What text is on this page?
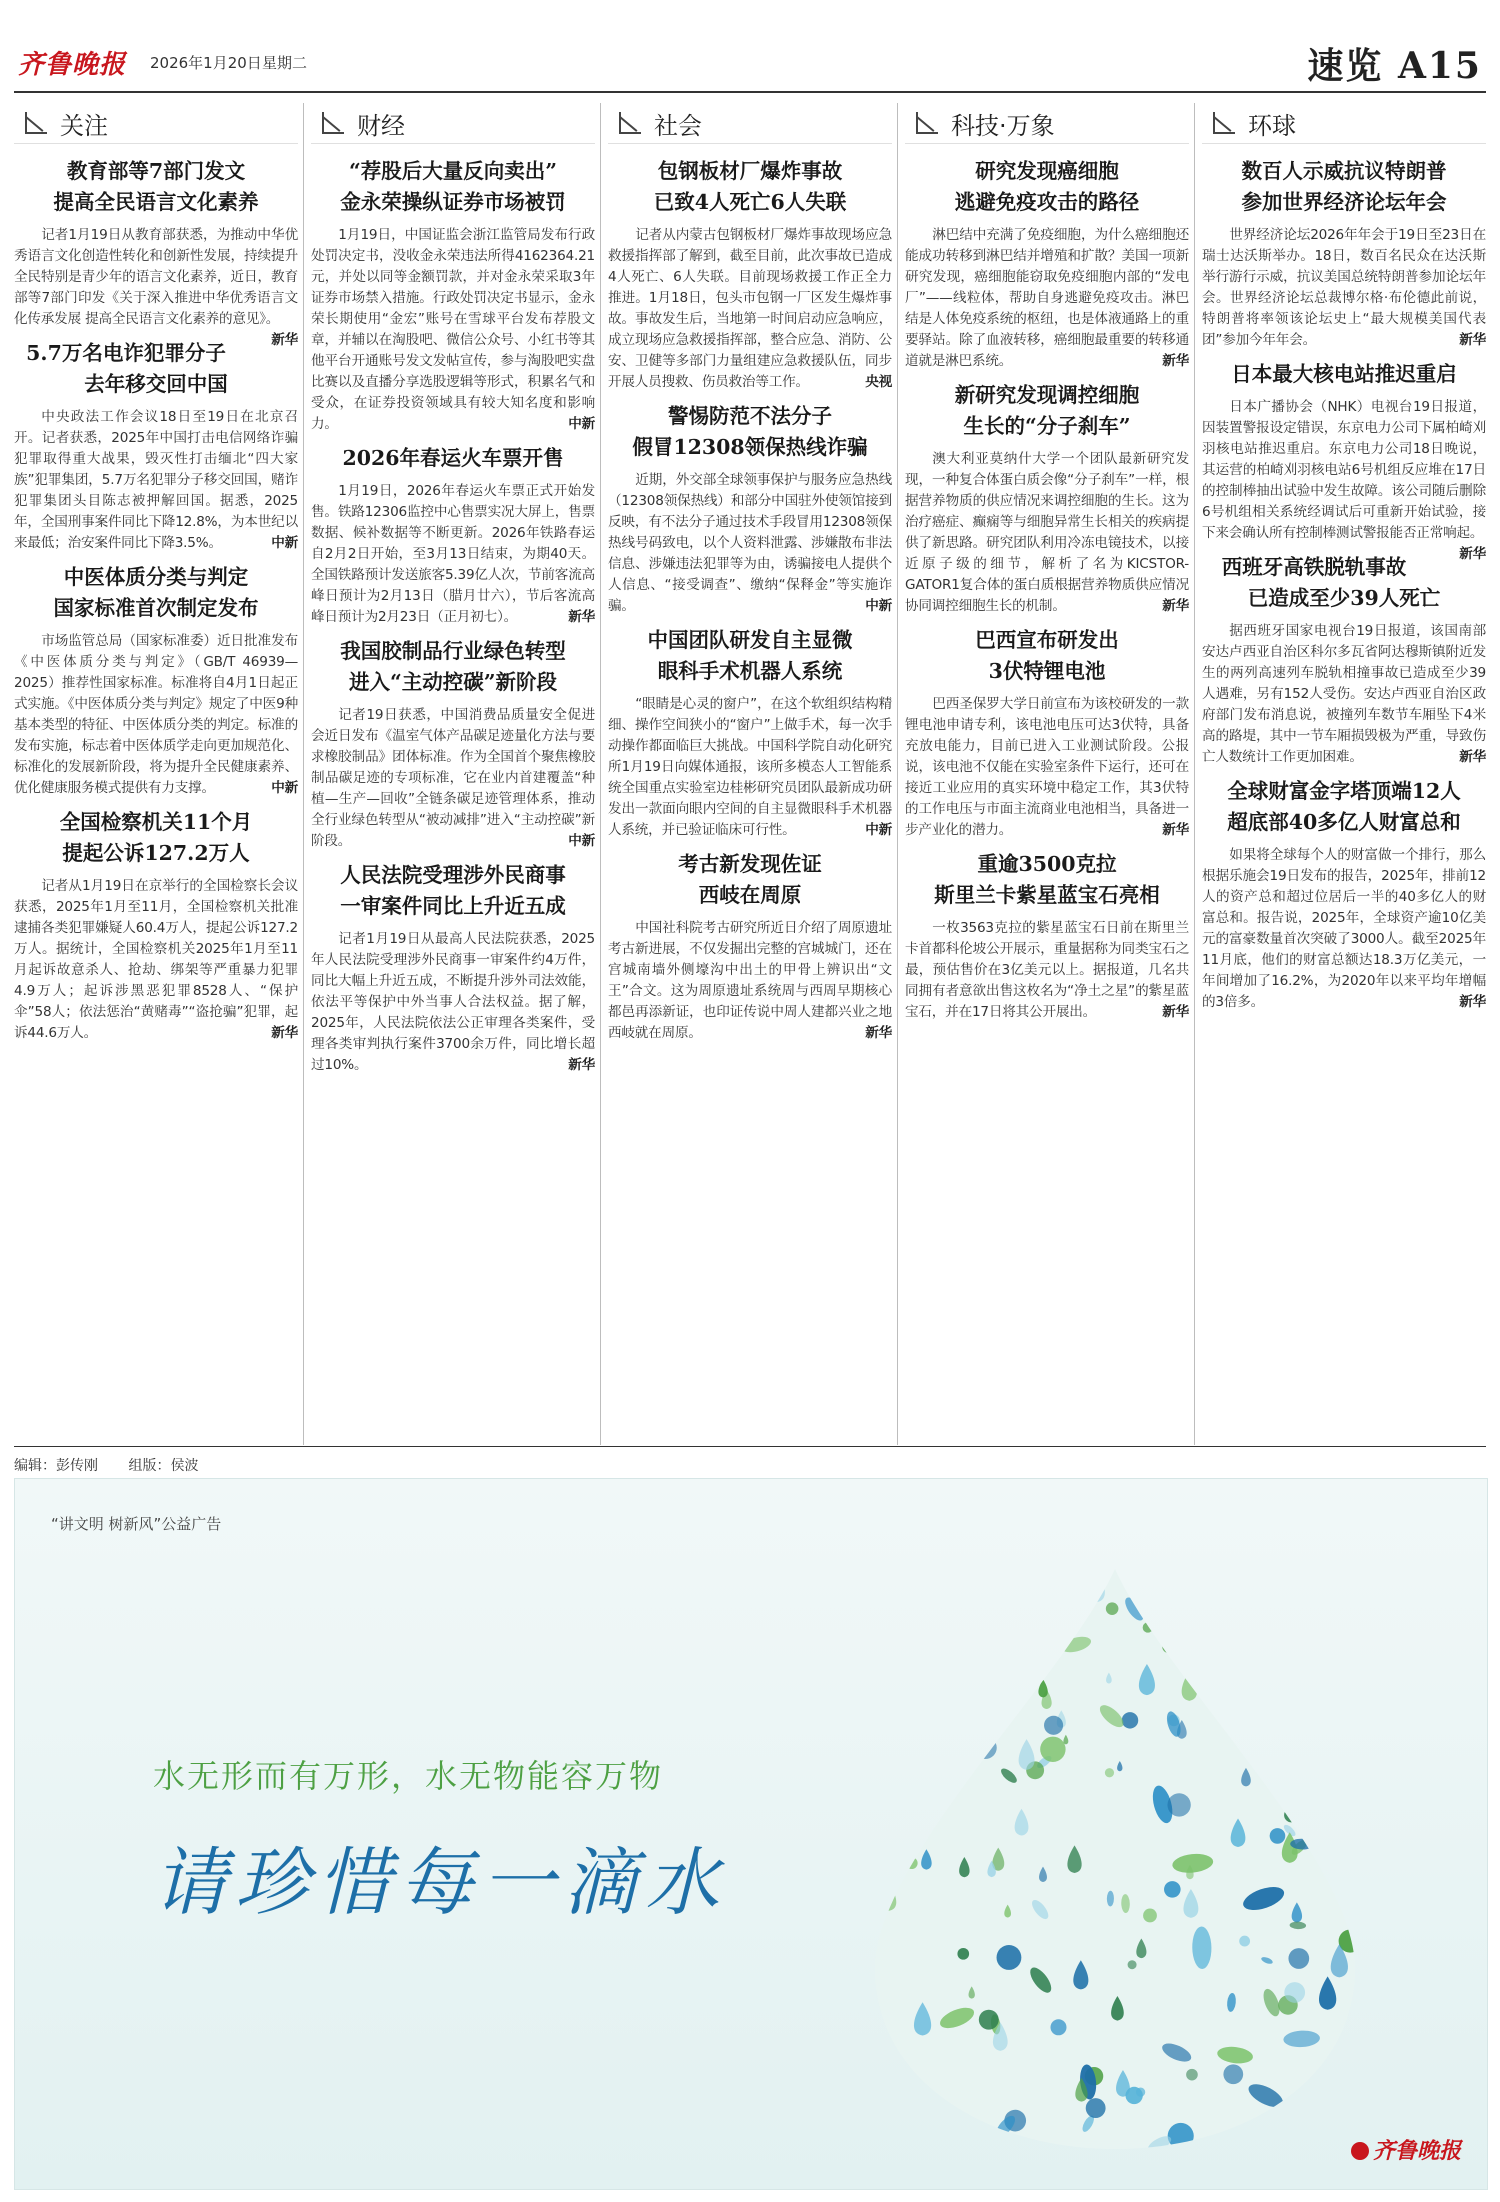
齐鲁晚报 2026年1月20日 星期二	速览 A15
关注
教育部等7部门发文
提高全民语言文化素养

记者1月19日从教育部获悉，为推动中华优秀语言文化创造性转化和创新性发展，持续提升全民特别是青少年的语言文化素养，近日，教育部等7部门印发《关于深入推进中华优秀语言文化传承发展 提高全民语言文化素养的意见》。
新华

5.7万名电诈犯罪分子
去年移交回中国

中央政法工作会议18日至19日在北京召开。记者获悉，2025年中国打击电信网络诈骗犯罪取得重大战果，毁灭性打击缅北“四大家族”犯罪集团，5.7万名犯罪分子移交回国，赌诈犯罪集团头目陈志被押解回国。据悉，2025年，全国刑事案件同比下降12.8%，为本世纪以来最低；治安案件同比下降3.5%。	中新

中医体质分类与判定
国家标准首次制定发布

市场监管总局（国家标准委）近日批准发布《中医体质分类与判定》（GB/T 46939—2025）推荐性国家标准。标准将自4月1日起正式实施。《中医体质分类与判定》规定了中医9种基本类型的特征、中医体质分类的判定。标准的发布实施，标志着中医体质学走向更加规范化、标准化的发展新阶段，将为提升全民健康素养、优化健康服务模式提供有力支撑。	中新

全国检察机关11个月
提起公诉127.2万人

记者从1月19日在京举行的全国检察长会议获悉，2025年1月至11月，全国检察机关批准逮捕各类犯罪嫌疑人60.4万人，提起公诉127.2万人。据统计，全国检察机关2025年1月至11月起诉故意杀人、抢劫、绑架等严重暴力犯罪4.9万人；起诉涉黑恶犯罪8528人、“保护伞”58人；依法惩治“黄赌毒”“盗抢骗”犯罪，起诉44.6万人。	新华

财经
“荐股后大量反向卖出”
金永荣操纵证券市场被罚

1月19日，中国证监会浙江监管局发布行政处罚决定书，没收金永荣违法所得4162364.21元，并处以同等金额罚款，并对金永荣采取3年证券市场禁入措施。行政处罚决定书显示，金永荣长期使用“金宏”账号在雪球平台发布荐股文章，并辅以在淘股吧、微信公众号、小红书等其他平台开通账号发文发帖宣传，参与淘股吧实盘比赛以及直播分享选股逻辑等形式，积累名气和受众，在证券投资领域具有较大知名度和影响力。	中新

2026年春运火车票开售

1月19日，2026年春运火车票正式开始发售。铁路12306监控中心售票实况大屏上，售票数据、候补数据等不断更新。2026年铁路春运自2月2日开始，至3月13日结束，为期40天。全国铁路预计发送旅客5.39亿人次，节前客流高峰日预计为2月13日（腊月廿六），节后客流高峰日预计为2月23日（正月初七）。	新华

我国胶制品行业绿色转型
进入“主动控碳”新阶段

记者19日获悉，中国消费品质量安全促进会近日发布《温室气体产品碳足迹量化方法与要求橡胶制品》团体标准。作为全国首个聚焦橡胶制品碳足迹的专项标准，它在业内首建覆盖“种植—生产—回收”全链条碳足迹管理体系，推动全行业绿色转型从“被动减排”进入“主动控碳”新阶段。	中新

人民法院受理涉外民商事
一审案件同比上升近五成

记者1月19日从最高人民法院获悉，2025年人民法院受理涉外民商事一审案件约4万件，同比大幅上升近五成，不断提升涉外司法效能，依法平等保护中外当事人合法权益。据了解，2025年，人民法院依法公正审理各类案件，受理各类审判执行案件3700余万件，同比增长超过10%。	新华

社会
包钢板材厂爆炸事故
已致4人死亡6人失联

记者从内蒙古包钢板材厂爆炸事故现场应急救援指挥部了解到，截至目前，此次事故已造成4人死亡、6人失联。目前现场救援工作正全力推进。1月18日，包头市包钢一厂区发生爆炸事故。事故发生后，当地第一时间启动应急响应，成立现场应急救援指挥部，整合应急、消防、公安、卫健等多部门力量组建应急救援队伍，同步开展人员搜救、伤员救治等工作。	央视

警惕防范不法分子
假冒12308领保热线诈骗

近期，外交部全球领事保护与服务应急热线（12308领保热线）和部分中国驻外使领馆接到反映，有不法分子通过技术手段冒用12308领保热线号码致电，以个人资料泄露、涉嫌散布非法信息、涉嫌违法犯罪等为由，诱骗接电人提供个人信息、“接受调查”、缴纳“保释金”等实施诈骗。	中新

中国团队研发自主显微
眼科手术机器人系统

“眼睛是心灵的窗户”，在这个软组织结构精细、操作空间狭小的“窗户”上做手术，每一次手动操作都面临巨大挑战。中国科学院自动化研究所1月19日向媒体通报，该所多模态人工智能系统全国重点实验室边桂彬研究员团队最新成功研发出一款面向眼内空间的自主显微眼科手术机器人系统，并已验证临床可行性。	中新

考古新发现佐证
西岐在周原

中国社科院考古研究所近日介绍了周原遗址考古新进展，不仅发掘出完整的宫城城门，还在宫城南墙外侧壕沟中出土的甲骨上辨识出“文王”合文。这为周原遗址系统周与西周早期核心都邑再添新证，也印证传说中周人建都兴业之地西岐就在周原。	新华

科技·万象
研究发现癌细胞
逃避免疫攻击的路径

淋巴结中充满了免疫细胞，为什么癌细胞还能成功转移到淋巴结并增殖和扩散？美国一项新研究发现，癌细胞能窃取免疫细胞内部的“发电厂”——线粒体，帮助自身逃避免疫攻击。淋巴结是人体免疫系统的枢纽，也是体液通路上的重要驿站。除了血液转移，癌细胞最重要的转移通道就是淋巴系统。	新华

新研究发现调控细胞
生长的“分子刹车”

澳大利亚莫纳什大学一个团队最新研究发现，一种复合体蛋白质会像“分子刹车”一样，根据营养物质的供应情况来调控细胞的生长。这为治疗癌症、癫痫等与细胞异常生长相关的疾病提供了新思路。研究团队利用冷冻电镜技术，以接近原子级的细节，解析了名为KICSTOR-GATOR1复合体的蛋白质根据营养物质供应情况协同调控细胞生长的机制。	新华

巴西宣布研发出
3伏特锂电池

巴西圣保罗大学日前宣布为该校研发的一款锂电池申请专利，该电池电压可达3伏特，具备充放电能力，目前已进入工业测试阶段。公报说，该电池不仅能在实验室条件下运行，还可在接近工业应用的真实环境中稳定工作，其3伏特的工作电压与市面主流商业电池相当，具备进一步产业化的潜力。	新华

重逾3500克拉
斯里兰卡紫星蓝宝石亮相

一枚3563克拉的紫星蓝宝石日前在斯里兰卡首都科伦坡公开展示，重量据称为同类宝石之最，预估售价在3亿美元以上。据报道，几名共同拥有者意欲出售这枚名为“净土之星”的紫星蓝宝石，并在17日将其公开展出。	新华

环球
数百人示威抗议特朗普
参加世界经济论坛年会

世界经济论坛2026年年会于19日至23日在瑞士达沃斯举办。18日，数百名民众在达沃斯举行游行示威，抗议美国总统特朗普参加论坛年会。世界经济论坛总裁博尔格·布伦德此前说，特朗普将率领该论坛史上“最大规模美国代表团”参加今年年会。	新华

日本最大核电站推迟重启

日本广播协会（NHK）电视台19日报道，因装置警报设定错误，东京电力公司下属柏崎刈羽核电站推迟重启。东京电力公司18日晚说，其运营的柏崎刈羽核电站6号机组反应堆在17日的控制棒抽出试验中发生故障。该公司随后删除6号机组相关系统经调试后可重新开始试验，接下来会确认所有控制棒测试警报能否正常响起。
新华

西班牙高铁脱轨事故
已造成至少39人死亡

据西班牙国家电视台19日报道，该国南部安达卢西亚自治区科尔多瓦省阿达穆斯镇附近发生的两列高速列车脱轨相撞事故已造成至少39人遇难，另有152人受伤。安达卢西亚自治区政府部门发布消息说，被撞列车数节车厢坠下4米高的路堤，其中一节车厢损毁极为严重，导致伤亡人数统计工作更加困难。	新华

全球财富金字塔顶端12人
超底部40多亿人财富总和

如果将全球每个人的财富做一个排行，那么根据乐施会19日发布的报告，2025年，排前12人的资产总和超过位居后一半的40多亿人的财富总和。报告说，2025年，全球资产逾10亿美元的富豪数量首次突破了3000人。截至2025年11月底，他们的财富总额达18.3万亿美元，一年间增加了16.2%，为2020年以来平均年增幅的3倍多。	新华

编辑：彭传刚 组版：侯波
“讲文明 树新风”公益广告
水无形而有万形，水无物能容万物
请珍惜每一滴水
齐鲁晚报
